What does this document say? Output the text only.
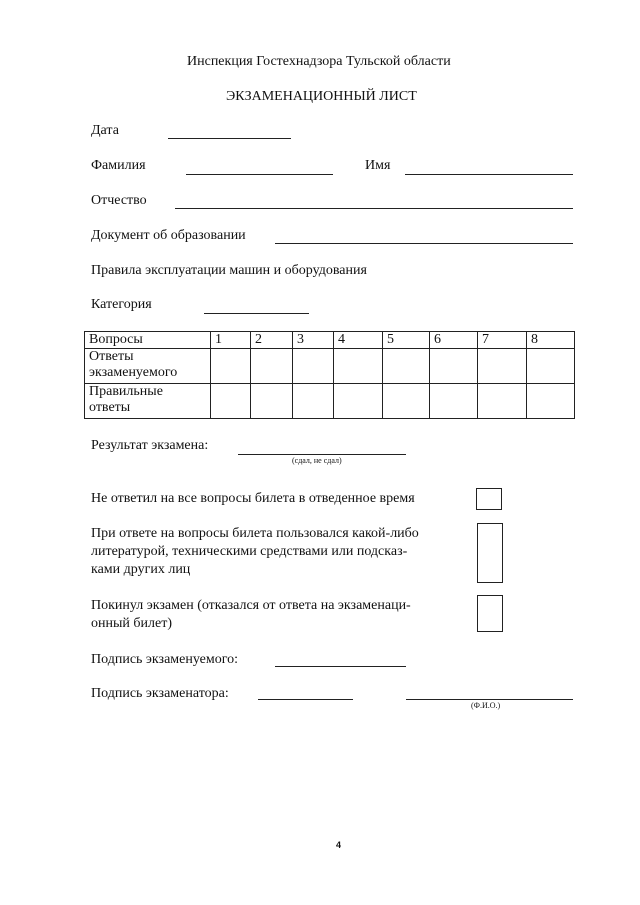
Инспекция Гостехнадзора Тульской области
ЭКЗАМЕНАЦИОННЫЙ ЛИСТ
Дата
Фамилия	Имя
Отчество
Документ об образовании
Правила эксплуатации машин и оборудования
Категория
Вопросы	1	2	3	4	5	6	7	8
Ответы экзаменуемого								
Правильные ответы								
Результат экзамена:
(сдал, не сдал)
Не ответил на все вопросы билета в отведенное время
При ответе на вопросы билета пользовался какой-либо
литературой, техническими средствами или подсказ-
ками других лиц
Покинул экзамен (отказался от ответа на экзаменаци-
онный билет)
Подпись экзаменуемого:
Подпись экзаменатора:
(Ф.И.О.)
4
